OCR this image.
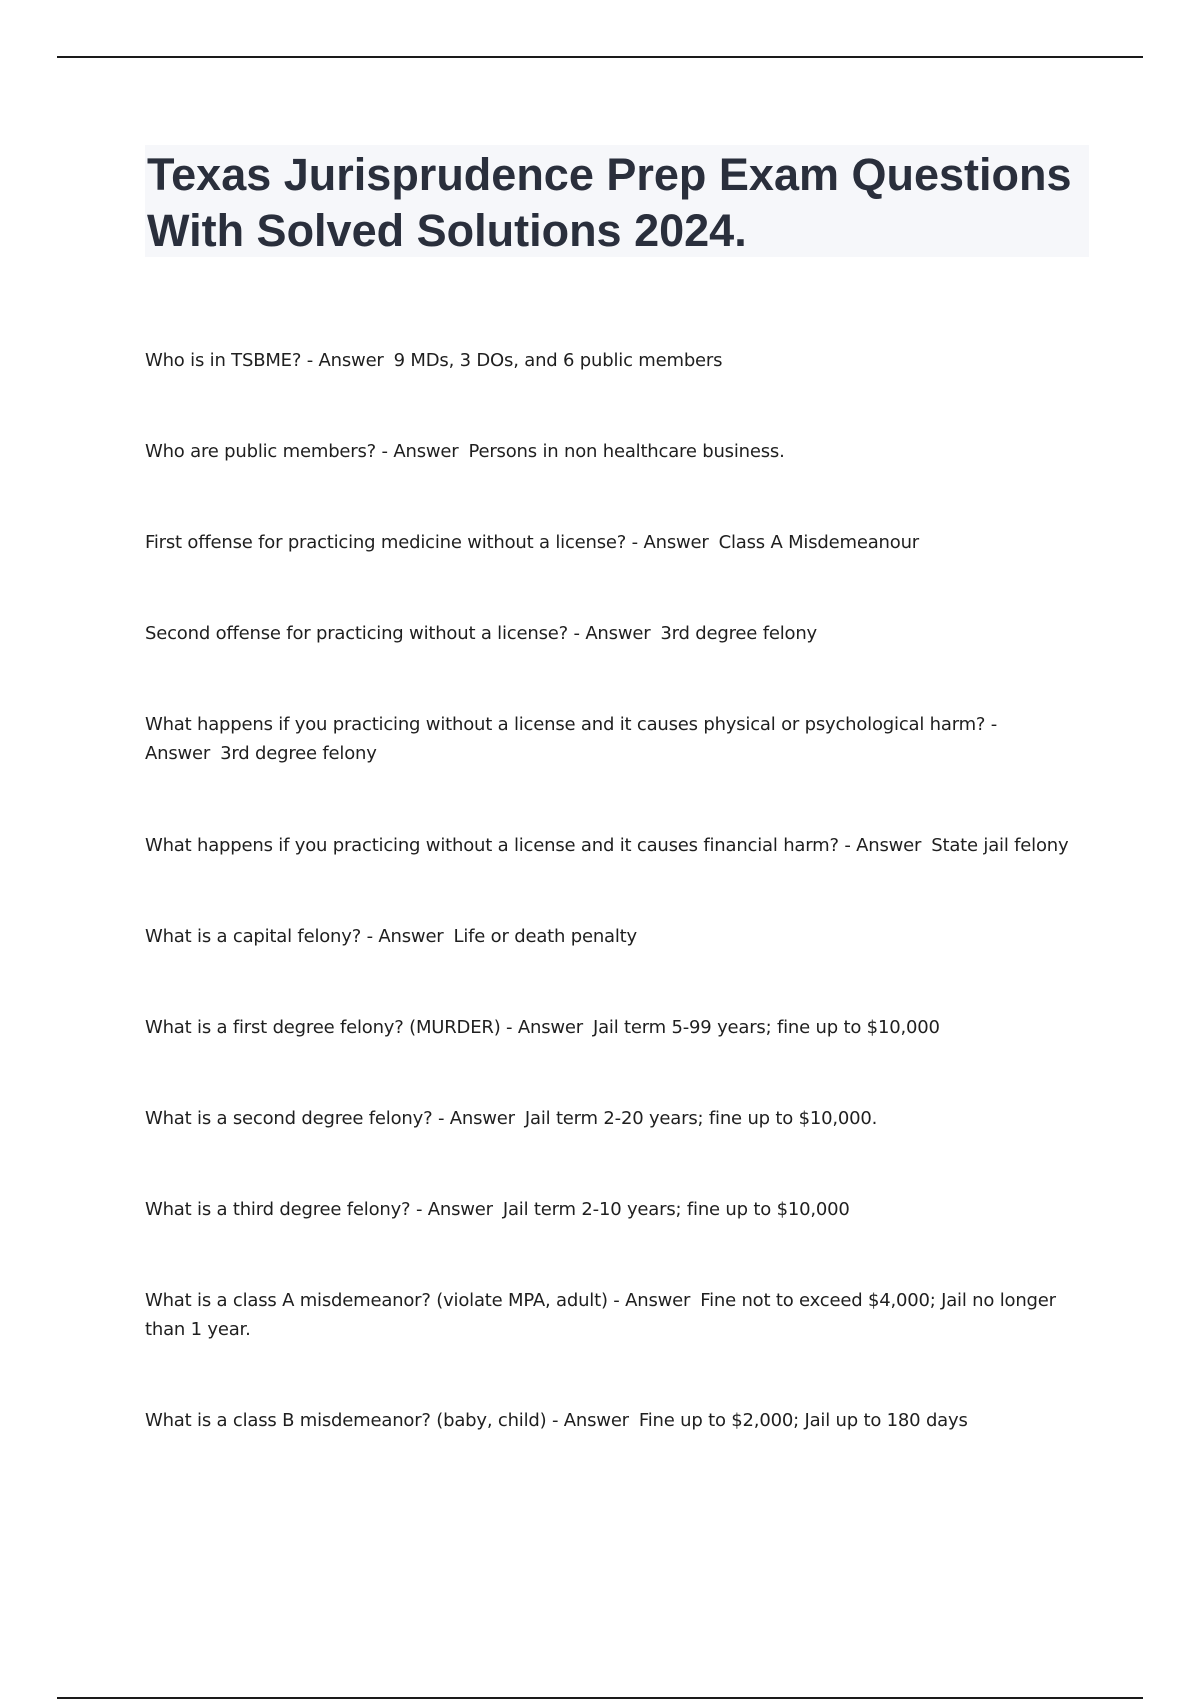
Texas Jurisprudence Prep Exam Questions With Solved Solutions 2024.
Who is in TSBME? - Answer 9 MDs, 3 DOs, and 6 public members
Who are public members? - Answer Persons in non healthcare business.
First offense for practicing medicine without a license? - Answer Class A Misdemeanour
Second offense for practicing without a license? - Answer 3rd degree felony
What happens if you practicing without a license and it causes physical or psychological harm? - Answer 3rd degree felony
What happens if you practicing without a license and it causes financial harm? - Answer State jail felony
What is a capital felony? - Answer Life or death penalty
What is a first degree felony? (MURDER) - Answer Jail term 5-99 years; fine up to $10,000
What is a second degree felony? - Answer Jail term 2-20 years; fine up to $10,000.
What is a third degree felony? - Answer Jail term 2-10 years; fine up to $10,000
What is a class A misdemeanor? (violate MPA, adult) - Answer Fine not to exceed $4,000; Jail no longer than 1 year.
What is a class B misdemeanor? (baby, child) - Answer Fine up to $2,000; Jail up to 180 days
